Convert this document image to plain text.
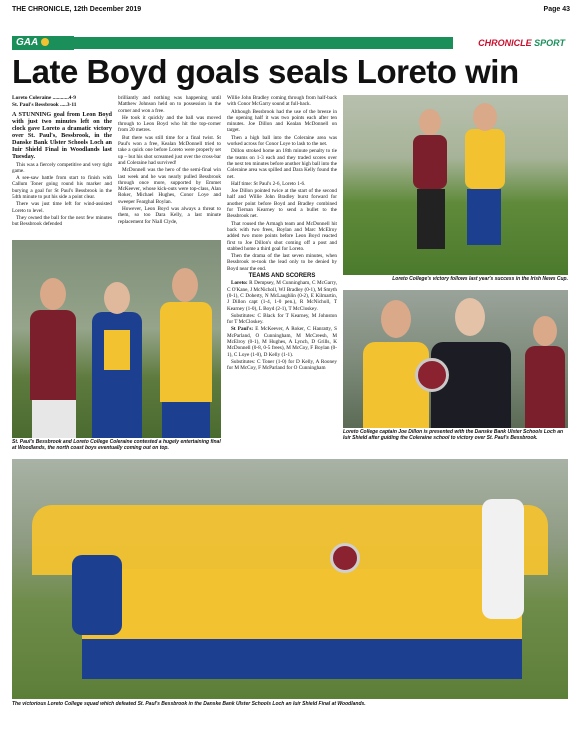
THE CHRONICLE, 12th December 2019	Page 43
GAA	CHRONICLE SPORT
Late Boyd goals seals Loreto win
Loreto Coleraine ............4-9
St. Paul's Bessbrook .....3-11

A STUNNING goal from Leon Boyd with just two minutes left on the clock gave Loreto a dramatic victory over St. Paul's, Bessbrook, in the Danske Bank Ulster Schools Loch an Iuir Shield Final in Woodlands last Tuesday.

This was a fiercely competitive and very tight game.

A see-saw battle from start to finish with Callum Toner going round his marker and burying a goal for St Paul's Bessbrook in the 54th minute to put his side a point clear.

There was just time left for wind-assisted Loreto to level.

They owned the ball for the next few minutes but Bessbrook defended

brilliantly and nothing was happening until Matthew Johnson held on to possession in the corner and won a free.

He took it quickly and the ball was moved through to Leon Boyd who hit the top-corner from 20 metres.

But there was still time for a final twist. St Paul's won a free, Kealan McDonnell tried to take a quick one before Loreto were properly set up – but his shot screamed just over the cross-bar and Coleraine had survived!

McDonnell was the hero of the semi-final win last week and he was nearly pulled Bessbrook through once more, supported by Emmet McKeever, whose kick-outs were top-class, Alan Roker, Michael Hughes, Conor Loye and sweeper Fearghal Boylan.

However, Leon Boyd was always a threat to them, so too Dara Kelly, a last minute replacement for Niall Clyde,

Willie John Bradley coming through from half-back with Conor McGarry sound at full-back.

Although Bessbrook had the use of the breeze in the opening half it was two points each after ten minutes. Joe Dillon and Kealan McDonnell on target.

Then a high ball into the Coleraine area was worked across for Conor Loye to lash to the net.

Dillon stroked home an 18th minute penalty to tie the teams on 1-3 each and they traded scores over the next ten minutes before another high ball into the Coleraine area was spilled and Dara Kelly found the net.

Half time: St Paul's 2-6, Loreto 1-6.

Joe Dillon pointed twice at the start of the second half and Willie John Bradley burst forward for another point before Boyd and Bradley combined for Tiernan Kearney to send a bullet to the Bessbrook net.

That roused the Armagh team and McDonnell hit back with two frees, Boylan and Marc McElroy added two more points before Leon Boyd reacted first to Joe Dillon's shot coming off a post and stabbed home a third goal for Loreto.

Then the drama of the last seven minutes, when Bessbrook re-took the lead only to be denied by Boyd near the end.

TEAMS AND SCORERS

Loreto: R Dempsey, M Cunningham, C McGarry, C O'Kane, J McNicholl, WJ Bradley (0-1), M Smyth (0-1), C Doherty, N McLaughlin (0-2), E Kilmartin, J Dillon capt (1-4, 1-0 pen.), R McNicholl, T Kearney (1-0), L Boyd (2-1), T McCloskey.

Substitutes: C Black for T Kearney, M Johnston for T McCloskey.

St Paul's: E McKeever, A Roker, C Hanratty, S McParland, O Cunningham, M McCreesh, M McElroy (0-1), M Hughes, A Lynch, D Grills, K McDonnell (0-8, 0-5 frees), M McCoy, F Boylan (0-1), C Loye (1-0), D Kelly (1-1).

Substitutes: C Toner (1-0) for D Kelly, A Rooney for M McCoy, F McParland for O Cunningham

St. Paul's Bessbrook and Loreto College Coleraine contested a hugely entertaining final at Woodlands, the north coast boys eventually coming out on top.
Loreto College's victory follows last year's success in the Irish News Cup.
Loreto College captain Joe Dillon is presented with the Danske Bank Ulster Schools Loch an Iuir Shield after guiding the Coleraine school to victory over St. Paul's Bessbrook.
The victorious Loreto College squad which defeated St. Paul's Bessbrook in the Danske Bank Ulster Schools Loch an Iuir Shield Final at Woodlands.
